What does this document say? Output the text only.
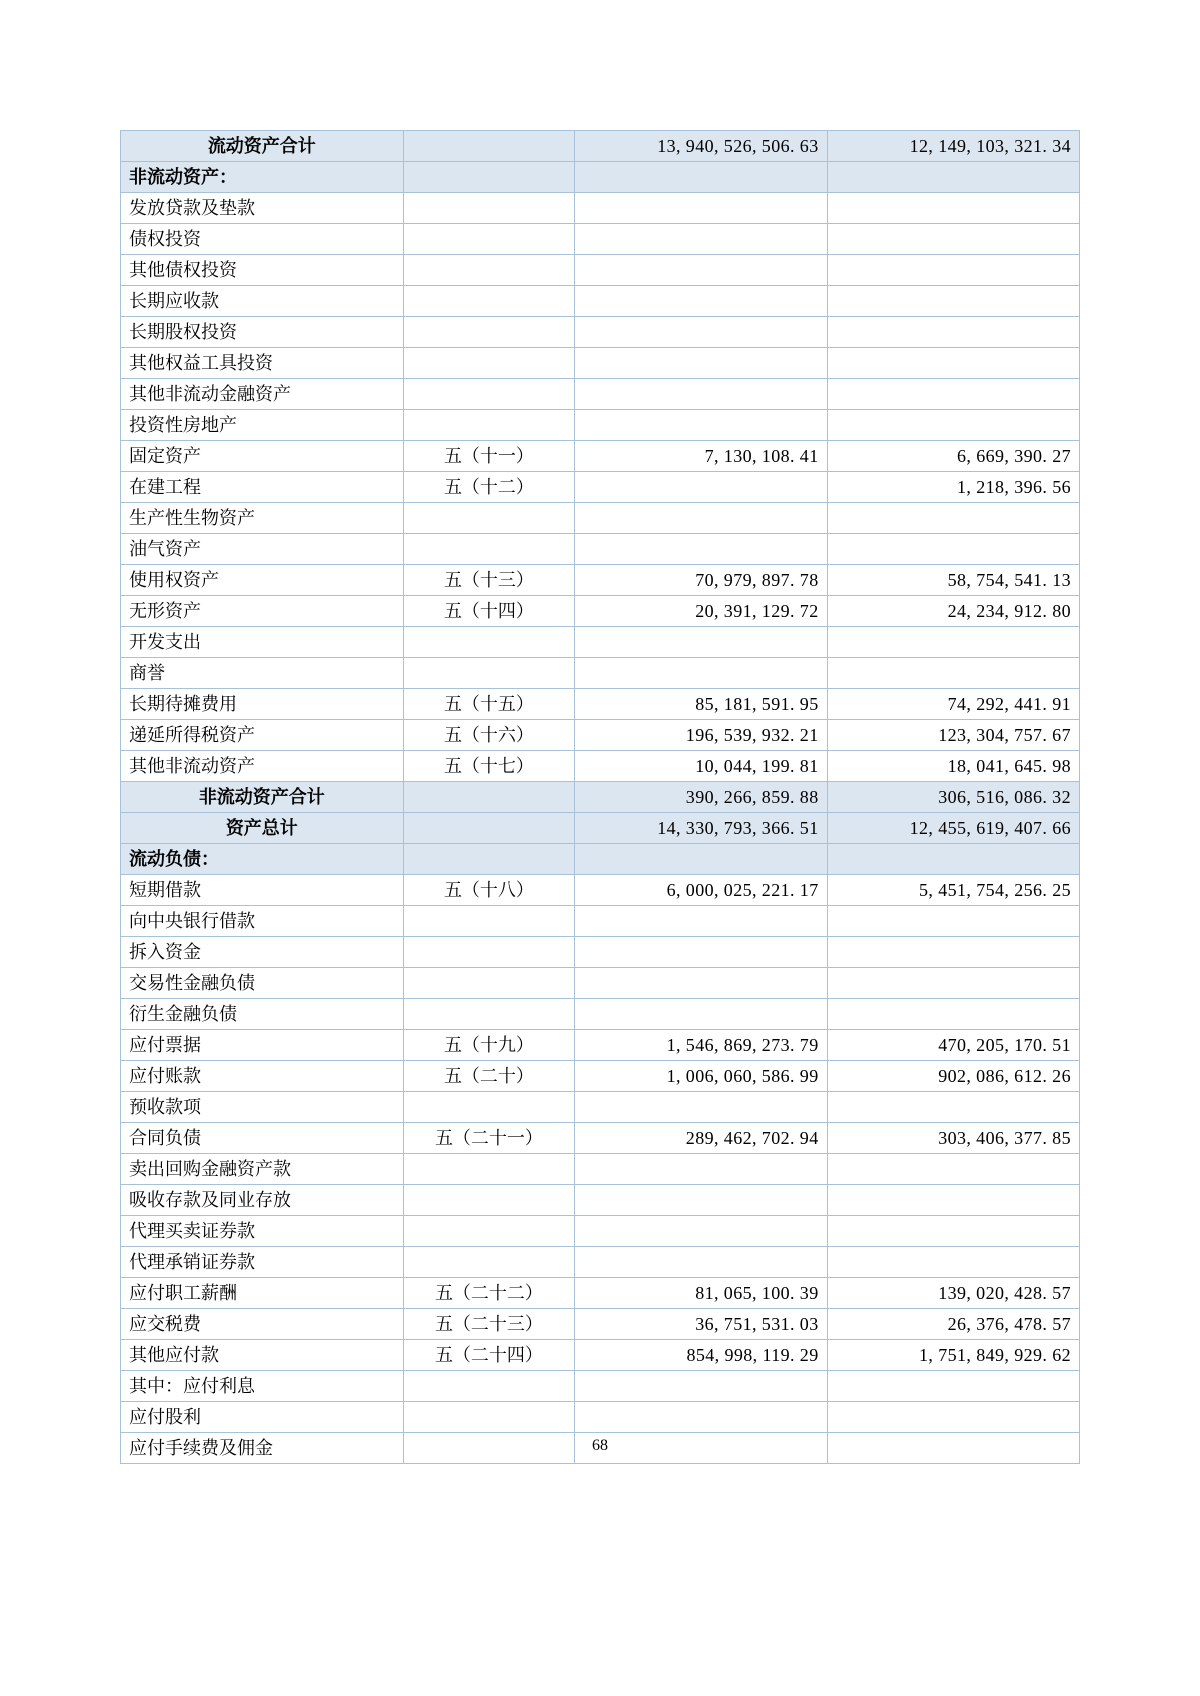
流动资产合计		13, 940, 526, 506. 63	12, 149, 103, 321. 34
非流动资产：			
发放贷款及垫款			
债权投资			
其他债权投资			
长期应收款			
长期股权投资			
其他权益工具投资			
其他非流动金融资产			
投资性房地产			
固定资产	五（十一）	7, 130, 108. 41	6, 669, 390. 27
在建工程	五（十二）		1, 218, 396. 56
生产性生物资产			
油气资产			
使用权资产	五（十三）	70, 979, 897. 78	58, 754, 541. 13
无形资产	五（十四）	20, 391, 129. 72	24, 234, 912. 80
开发支出			
商誉			
长期待摊费用	五（十五）	85, 181, 591. 95	74, 292, 441. 91
递延所得税资产	五（十六）	196, 539, 932. 21	123, 304, 757. 67
其他非流动资产	五（十七）	10, 044, 199. 81	18, 041, 645. 98
非流动资产合计		390, 266, 859. 88	306, 516, 086. 32
资产总计		14, 330, 793, 366. 51	12, 455, 619, 407. 66
流动负债：			
短期借款	五（十八）	6, 000, 025, 221. 17	5, 451, 754, 256. 25
向中央银行借款			
拆入资金			
交易性金融负债			
衍生金融负债			
应付票据	五（十九）	1, 546, 869, 273. 79	470, 205, 170. 51
应付账款	五（二十）	1, 006, 060, 586. 99	902, 086, 612. 26
预收款项			
合同负债	五（二十一）	289, 462, 702. 94	303, 406, 377. 85
卖出回购金融资产款			
吸收存款及同业存放			
代理买卖证券款			
代理承销证券款			
应付职工薪酬	五（二十二）	81, 065, 100. 39	139, 020, 428. 57
应交税费	五（二十三）	36, 751, 531. 03	26, 376, 478. 57
其他应付款	五（二十四）	854, 998, 119. 29	1, 751, 849, 929. 62
其中：应付利息			
应付股利			
应付手续费及佣金				68
